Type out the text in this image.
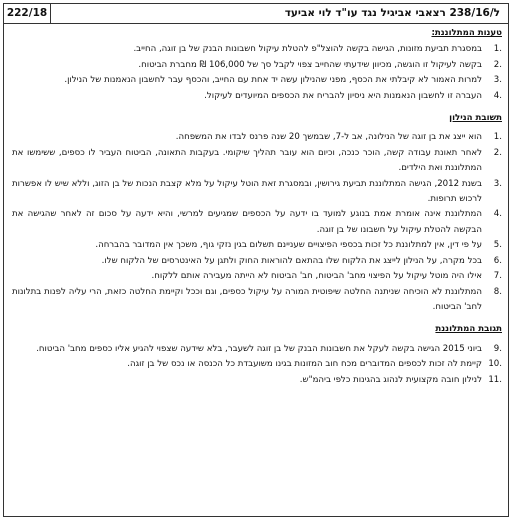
ל/238/16 רצאבי אביגיל נגד עו"ד לוי אביעד
222/18

טענות המתלוננת:

1.
במסגרת תביעת מזונות, הגישה בקשה להוצל"פ להטלת עיקול חשבונות הבנק של בן זוגה, החייב.
2.
בקשה לעיקול זו הוגשה, מכיוון שידעתי שהחייב צפוי לקבל סך של 106,000 ₪ מחברת הביטוח.
3.
למרות האמור לא קיבלתי את הכסף, מפני שהנילון עשה יד אחת עם החייב, והכסף עבר לחשבון הנאמנות של הנילון.
4.
העברה זו לחשבון הנאמנות היא ניסיון להבריח את הכספים המיועדים לעיקול.

תשובת הנילון

1.
הוא ייצג את בן זוגה של הנילונה, אב ל-7, שבמשך 20 שנה פרנס לבדו את המשפחה.
2.
לאחר תאונת עבודה קשה, הוכר כנכה, וכיום הוא עובר תהליך שיקומי. בעקבות התאונה, הביטוח העביר לו כספים, ששימשו את המתלוננת ואת הילדים.
3.
בשנת 2012, הגישה המתלוננת תביעת גירושין, ובמסגרת זאת הוטל עיקול על מלא קצבת הנכות של בן הזוג, וללא שיש לו אפשרות לרכוש תרופות.
4.
המתלוננת אינה אומרת אמת בנוגע למועד בו ידעה על הכספים שמגיעים למרשי, והיא ידעה על סכום זה לאחר שהגישה את הבקשה להטלת עיקול על חשבונו של בן זוגה.
5.
על פי דין, אין למתלוננת כל זכות בכספי הפיצויים שעניינם תשלום בגין נזקי גוף, משכך אין המדובר בהברחה.
6.
בכל מקרה, על הנילון לייצג את הלקוח שלו בהתאם להוראות החוק ולתגן על האינטרסים של הלקוח שלו.
7.
אילו היה מוטל עיקול על הפיצוי מחב' הביטוח, חב' הביטוח לא הייתה מעבירה אותם ללקוח.
8.
המתלוננת לא הוכיחה שניתנה החלטה שיפוטית המורה על עיקול כספים, וגם וככל וקיימת החלטה כזאת, הרי עליה לפנות בתלונות לחב' הביטוח.

תגובת המתלוננת

9.
ביוני 2015 הגישה בקשה לעקל את חשבונות הבנק של בן זוגה לשעבר, בלא שידעה שצפוי להגיע אליו כספים מחב' הביטוח.
10.
קיימת לה זכות לכספים המדוברים מכח חוב המזונות בגינו משועבדת כל הכנסה או נכס של בן זוגה.
11.
לנילון חובה מקצועית לנהוג בהגינות כלפי ביהמ"ש.
